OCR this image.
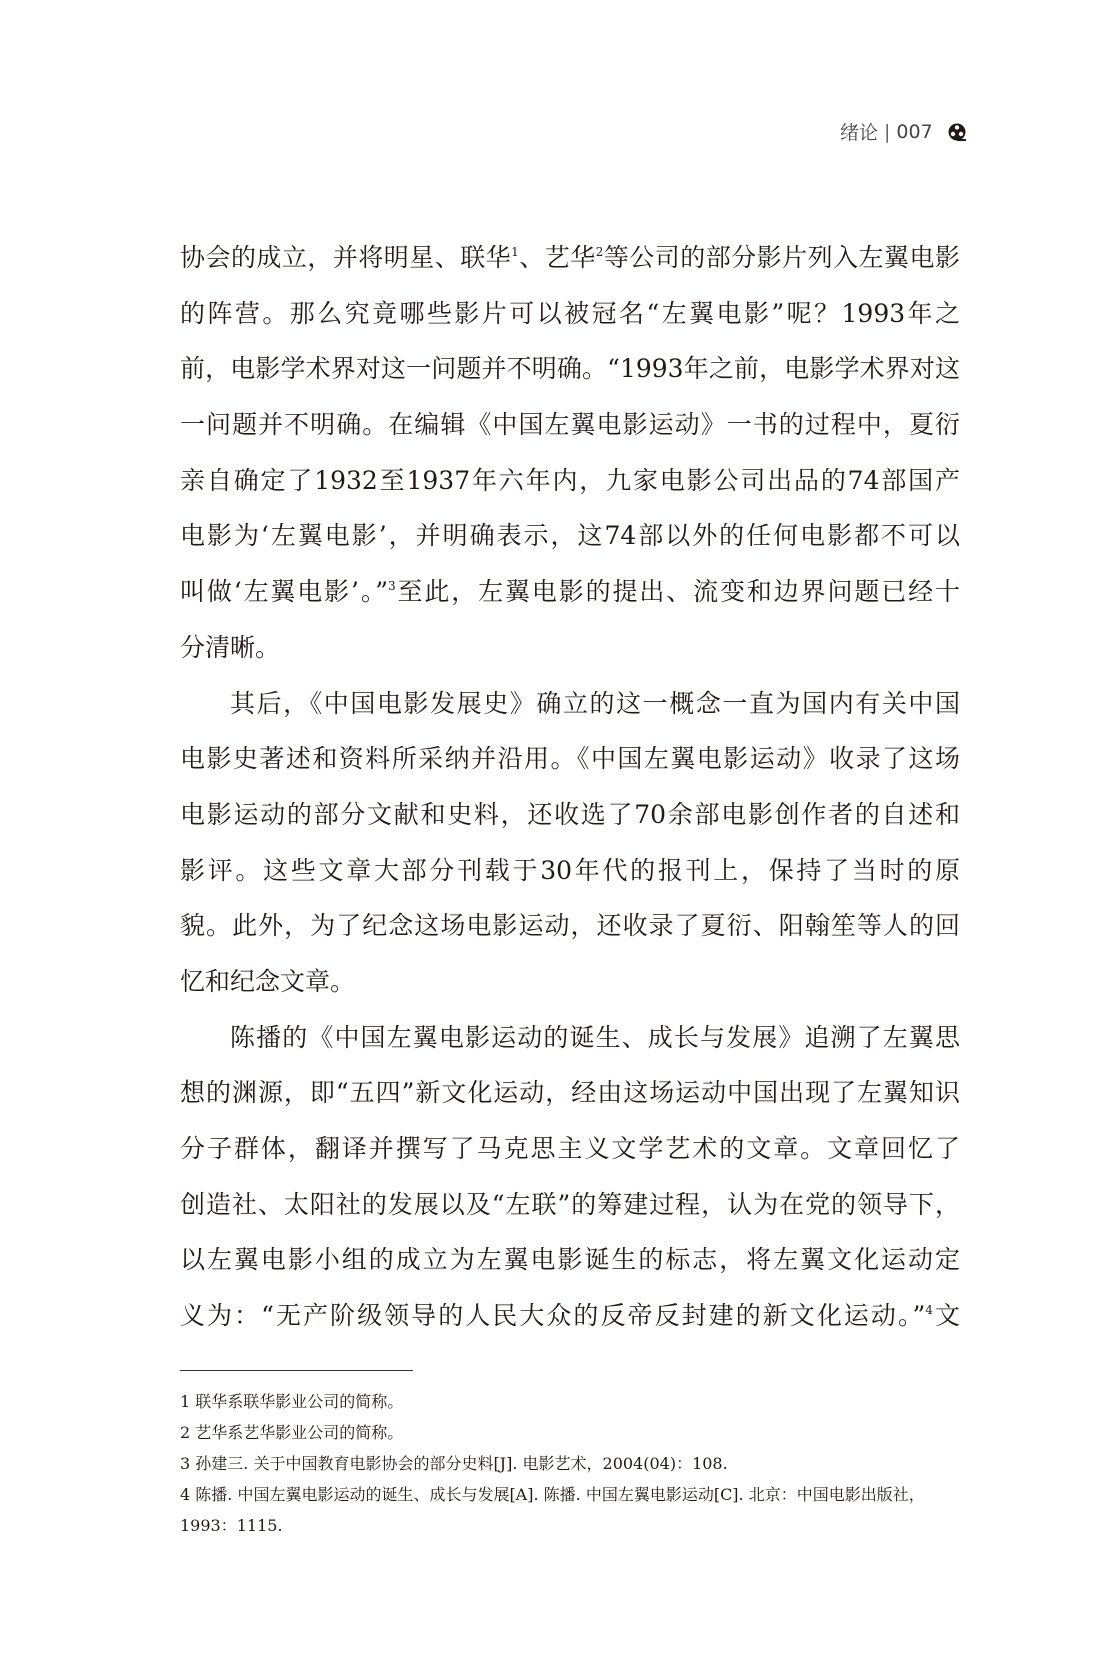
绪论 | 007
协会的成立，并将明星、联华$^1$、艺华$^2$等公司的部分影片列入左翼电影
的阵营。那么究竟哪些影片可以被冠名“左翼电影”呢？1993年之
前，电影学术界对这一问题并不明确。“1993年之前，电影学术界对这
一问题并不明确。在编辑《中国左翼电影运动》一书的过程中，夏衍
亲自确定了1932至1937年六年内，九家电影公司出品的74部国产
电影为‘左翼电影’，并明确表示，这74部以外的任何电影都不可以
叫做‘左翼电影’。”$^3$至此，左翼电影的提出、流变和边界问题已经十
分清晰。
其后，《中国电影发展史》确立的这一概念一直为国内有关中国
电影史著述和资料所采纳并沿用。《中国左翼电影运动》收录了这场
电影运动的部分文献和史料，还收选了70余部电影创作者的自述和
影评。这些文章大部分刊载于30年代的报刊上，保持了当时的原
貌。此外，为了纪念这场电影运动，还收录了夏衍、阳翰笙等人的回
忆和纪念文章。
陈播的《中国左翼电影运动的诞生、成长与发展》追溯了左翼思
想的渊源，即“五四”新文化运动，经由这场运动中国出现了左翼知识
分子群体，翻译并撰写了马克思主义文学艺术的文章。文章回忆了
创造社、太阳社的发展以及“左联”的筹建过程，认为在党的领导下，
以左翼电影小组的成立为左翼电影诞生的标志，将左翼文化运动定
义为：“无产阶级领导的人民大众的反帝反封建的新文化运动。”$^4$文
1 联华系联华影业公司的简称。
2 艺华系艺华影业公司的简称。
3 孙建三. 关于中国教育电影协会的部分史料[J]. 电影艺术，2004(04)：108.
4 陈播. 中国左翼电影运动的诞生、成长与发展[A]. 陈播. 中国左翼电影运动[C]. 北京：中国电影出版社，
1993：1115.
